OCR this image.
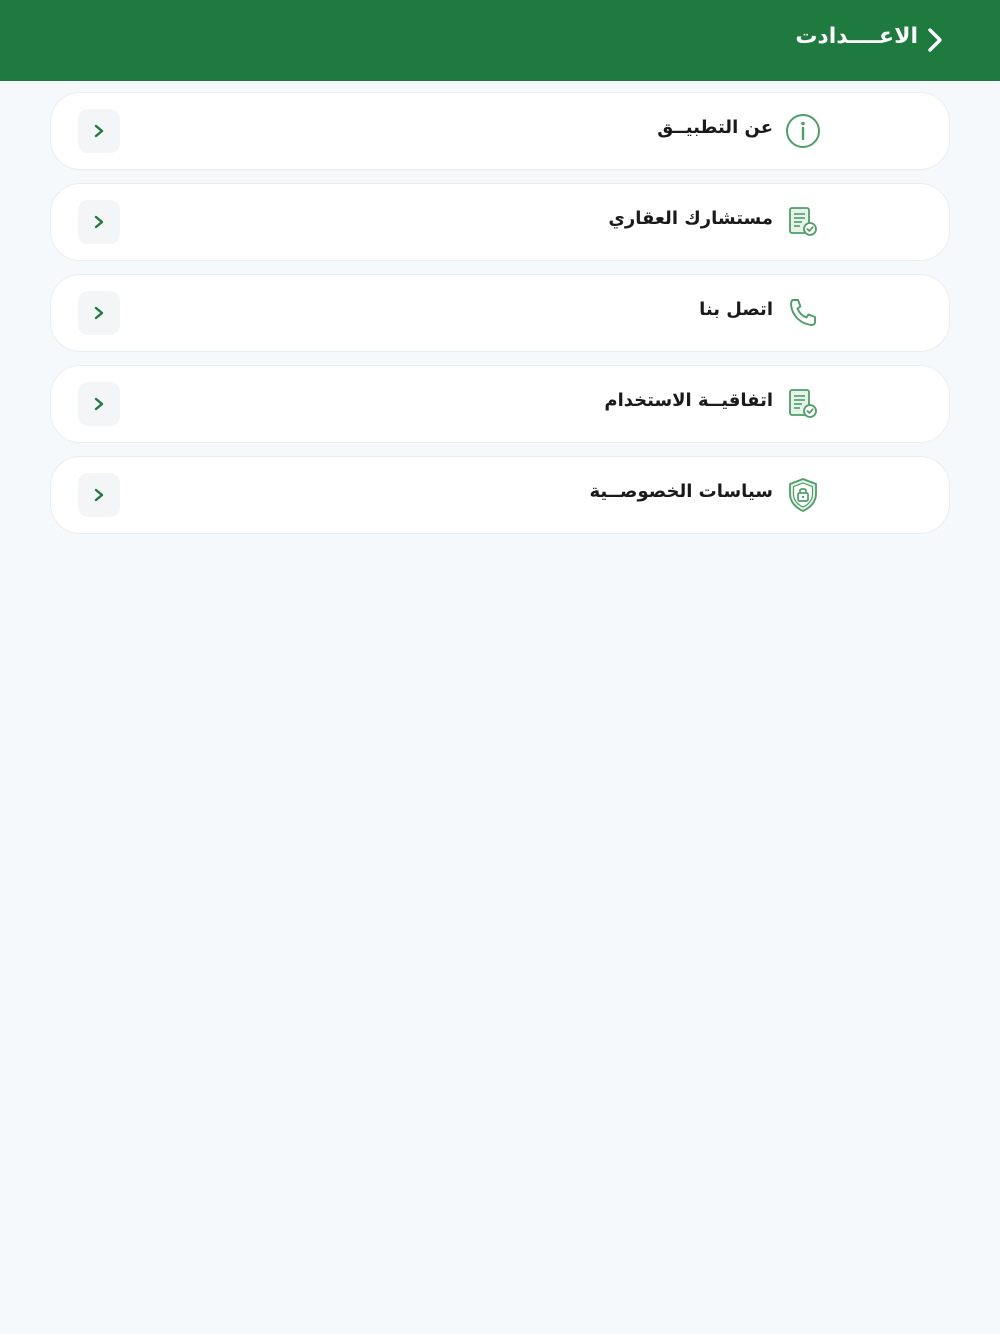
الاعــــدادت
عن التطبيــق
مستشارك العقاري
اتصل بنا
اتفاقيــة الاستخدام
سياسات الخصوصــية
